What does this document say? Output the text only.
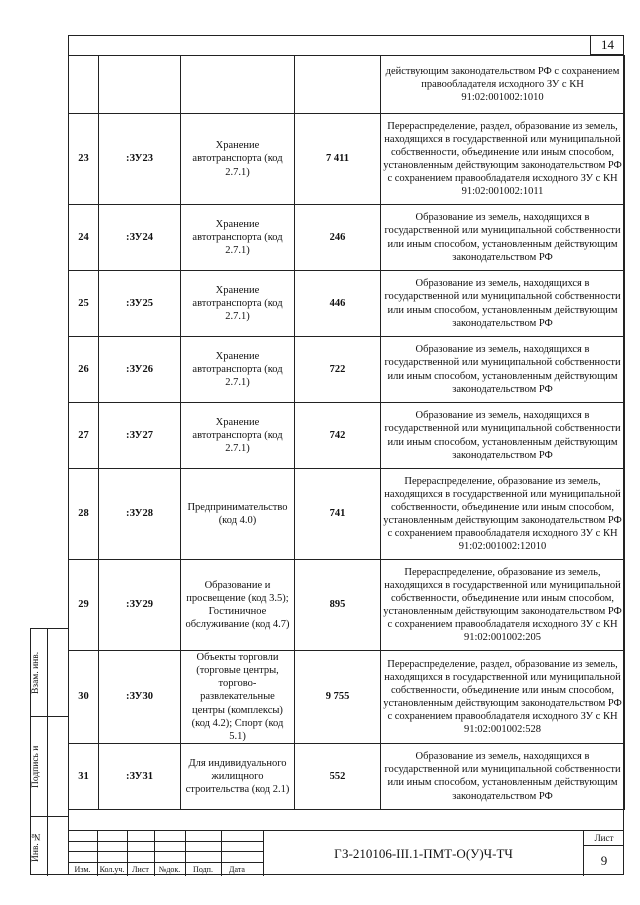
14
				действующим законодательством РФ с сохранением правообладателя исходного ЗУ с КН 91:02:001002:1010
23	:ЗУ23	Хранение автотранспорта (код 2.7.1)	7 411	Перераспределение, раздел, образование из земель, находящихся в государственной или муниципальной собственности, объединение или иным способом, установленным действующим законодательством РФ с сохранением правообладателя исходного ЗУ с КН 91:02:001002:1011
24	:ЗУ24	Хранение автотранспорта (код 2.7.1)	246	Образование из земель, находящихся в государственной или муниципальной собственности или иным способом, установленным действующим законодательством РФ
25	:ЗУ25	Хранение автотранспорта (код 2.7.1)	446	Образование из земель, находящихся в государственной или муниципальной собственности или иным способом, установленным действующим законодательством РФ
26	:ЗУ26	Хранение автотранспорта (код 2.7.1)	722	Образование из земель, находящихся в государственной или муниципальной собственности или иным способом, установленным действующим законодательством РФ
27	:ЗУ27	Хранение автотранспорта (код 2.7.1)	742	Образование из земель, находящихся в государственной или муниципальной собственности или иным способом, установленным действующим законодательством РФ
28	:ЗУ28	Предпринимательство (код 4.0)	741	Перераспределение, образование из земель, находящихся в государственной или муниципальной собственности, объединение или иным способом, установленным действующим законодательством РФ с сохранением правообладателя исходного ЗУ с КН 91:02:001002:12010
29	:ЗУ29	Образование и просвещение (код 3.5); Гостиничное обслуживание (код 4.7)	895	Перераспределение, образование из земель, находящихся в государственной или муниципальной собственности, объединение или иным способом, установленным действующим законодательством РФ с сохранением правообладателя исходного ЗУ с КН 91:02:001002:205
30	:ЗУ30	Объекты торговли (торговые центры, торгово-развлекательные центры (комплексы) (код 4.2); Спорт (код 5.1)	9 755	Перераспределение, раздел, образование из земель, находящихся в государственной или муниципальной собственности, объединение или иным способом, установленным действующим законодательством РФ с сохранением правообладателя исходного ЗУ с КН 91:02:001002:528
31	:ЗУ31	Для индивидуального жилищного строительства (код 2.1)	552	Образование из земель, находящихся в государственной или муниципальной собственности или иным способом, установленным действующим законодательством РФ
Взам. инв.
Подпись и
Инв. №
Изм.	Кол.уч. Лист	№док.	Подп.	Дата
ГЗ-210106-III.1-ПМТ-О(У)Ч-ТЧ
Лист
9
